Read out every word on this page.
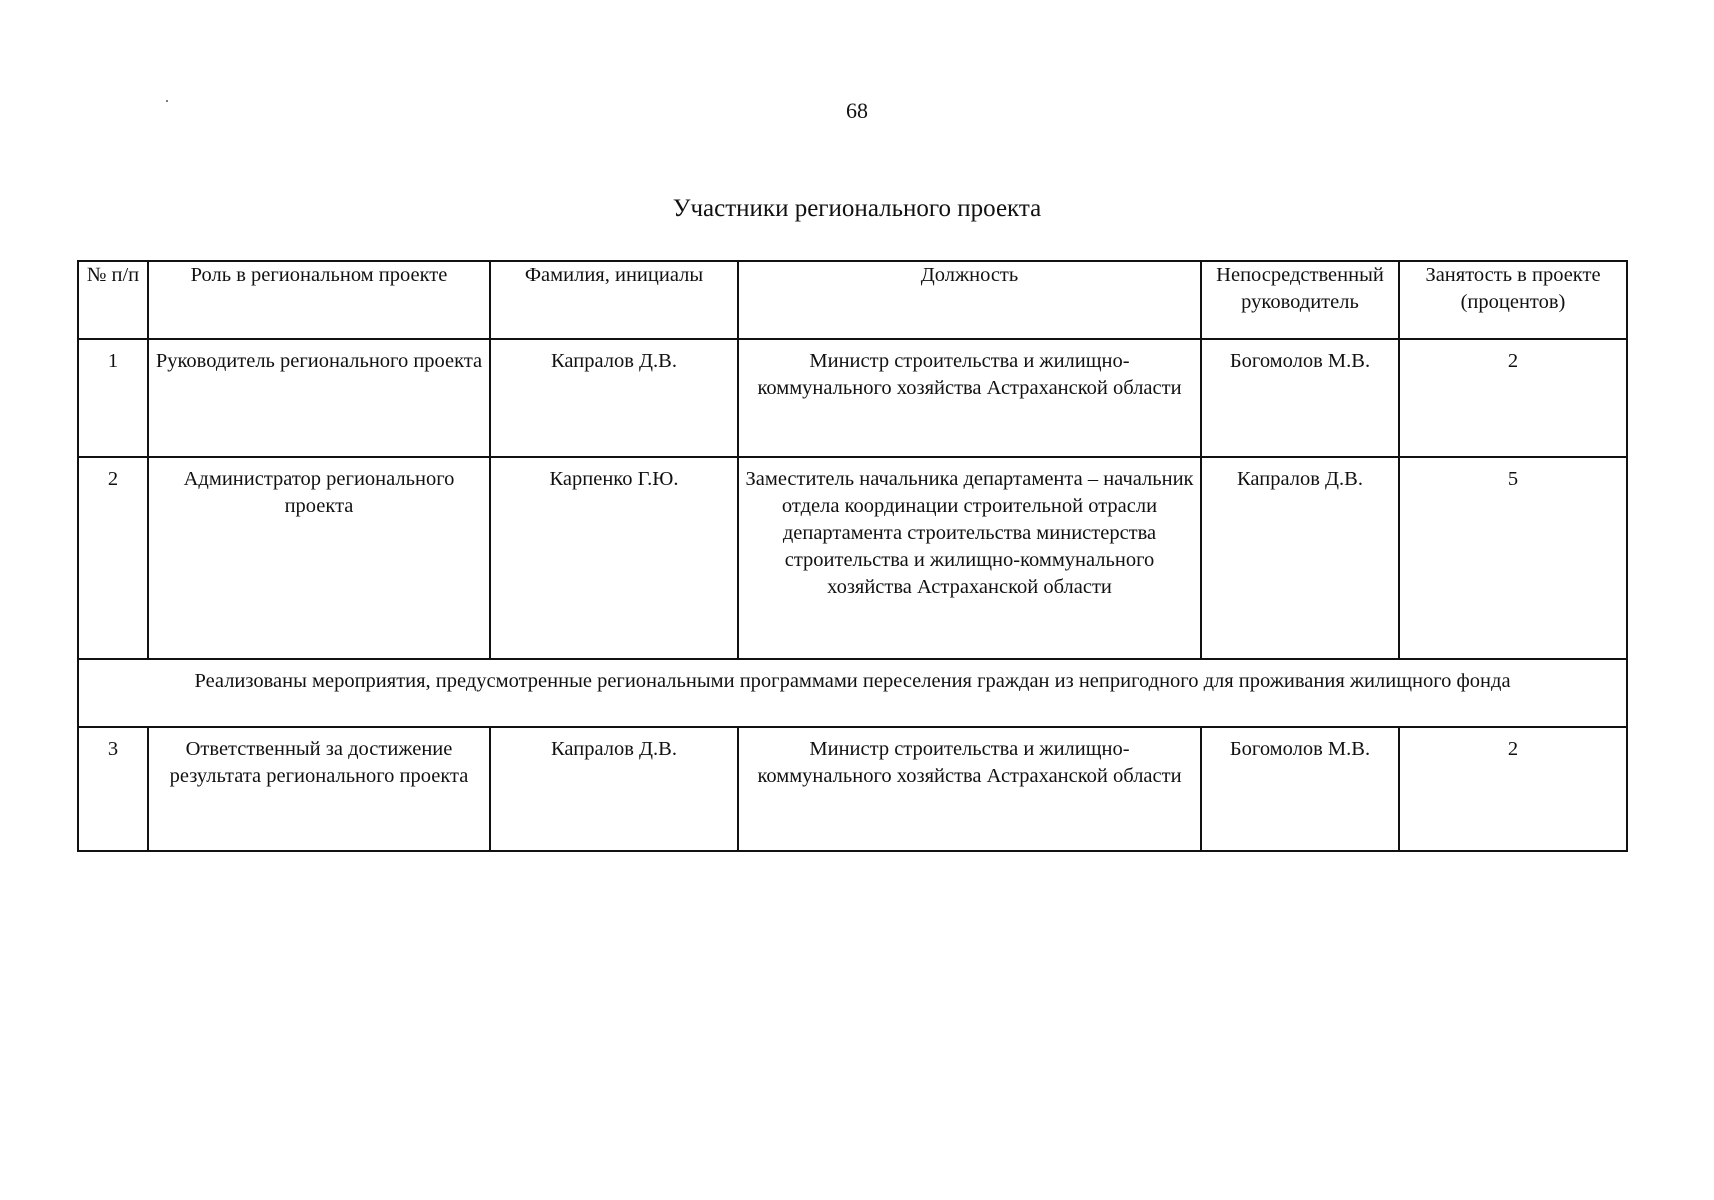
68
Участники регионального проекта
№ п/п	Роль в региональном проекте	Фамилия, инициалы	Должность	Непосредственный руководитель	Занятость в проекте (процентов)
1	Руководитель регионального проекта	Капралов Д.В.	Министр строительства и жилищно-коммунального хозяйства Астраханской области	Богомолов М.В.	2
2	Администратор регионального проекта	Карпенко Г.Ю.	Заместитель начальника департамента – начальник отдела координации строительной отрасли департамента строительства министерства строительства и жилищно-коммунального хозяйства Астраханской области	Капралов Д.В.	5
Реализованы мероприятия, предусмотренные региональными программами переселения граждан из непригодного для проживания жилищного фонда					
3	Ответственный за достижение результата регионального проекта	Капралов Д.В.	Министр строительства и жилищно-коммунального хозяйства Астраханской области	Богомолов М.В.	2
